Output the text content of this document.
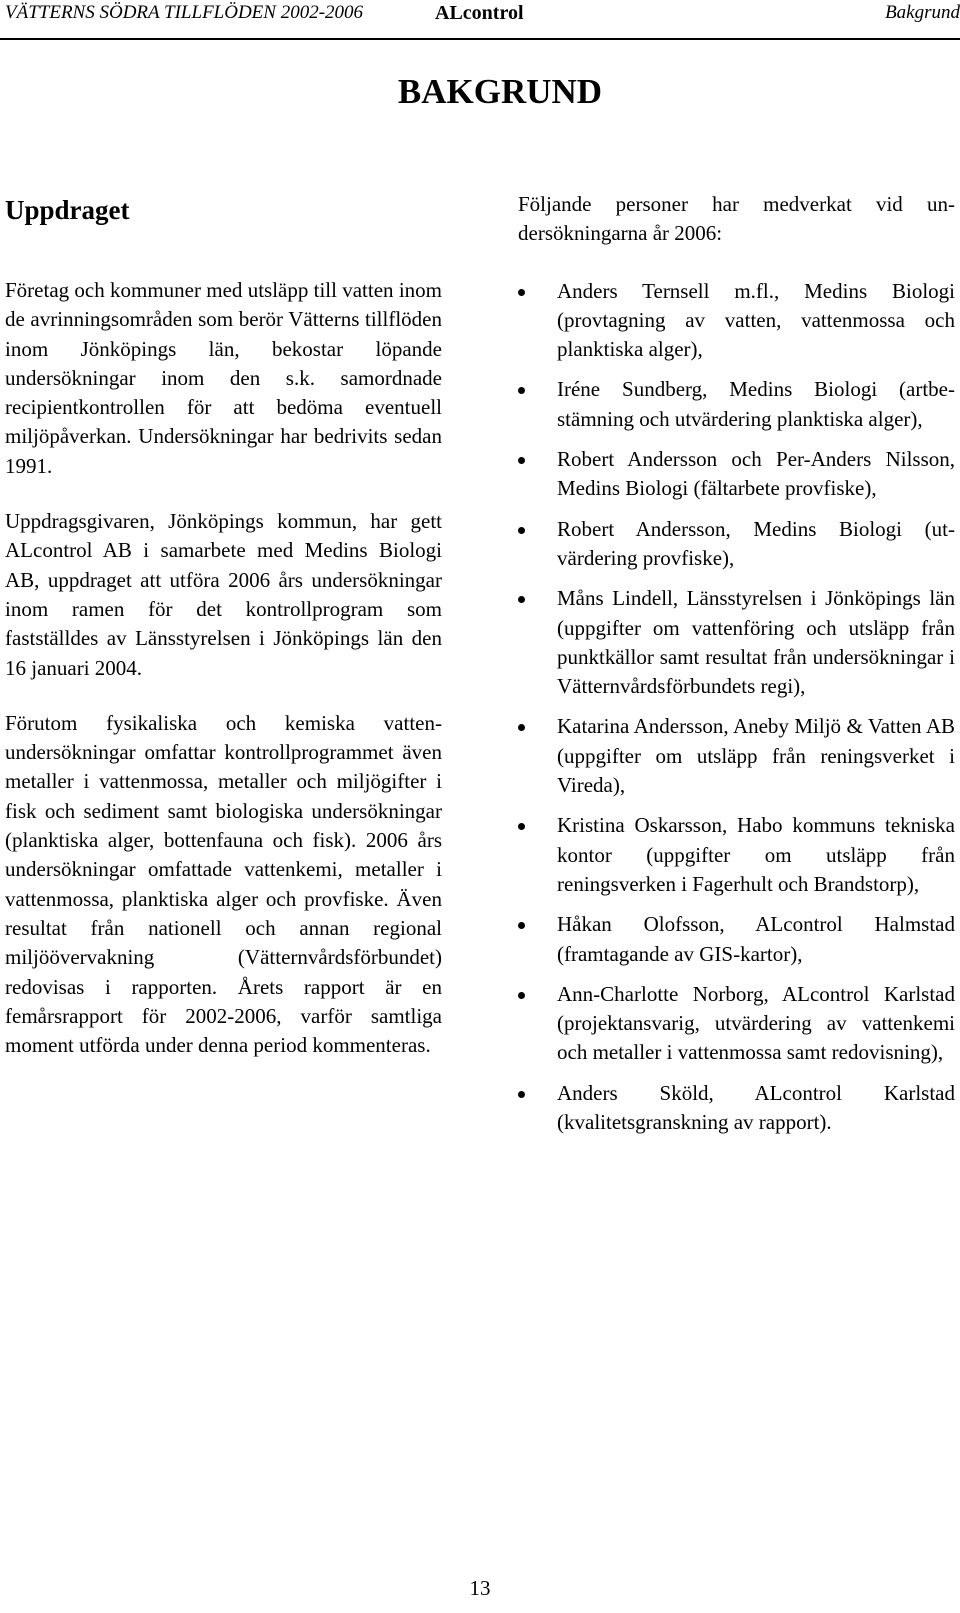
VÄTTERNS SÖDRA TILLFLÖDEN 2002-2006	ALcontrol	Bakgrund
BAKGRUND
Uppdraget

Företag och kommuner med utsläpp till vatten inom de avrinningsområden som berör Vätterns tillflöden inom Jönköpings län, bekostar löpande undersökningar inom den s.k. samordnade recipientkontrollen för att bedöma eventuell miljöpåverkan. Undersökningar har bedrivits sedan 1991.

Uppdragsgivaren, Jönköpings kommun, har gett ALcontrol AB i samarbete med Medins Biologi AB, uppdraget att utföra 2006 års undersökningar inom ramen för det kontrollprogram som fastställdes av Länsstyrelsen i Jönköpings län den 16 januari 2004.

Förutom fysikaliska och kemiska vattenundersökningar omfattar kontrollprogrammet även metaller i vattenmossa, metaller och miljögifter i fisk och sediment samt biologiska undersökningar (planktiska alger, bottenfauna och fisk). 2006 års undersökningar omfattade vattenkemi, metaller i vattenmossa, planktiska alger och provfiske. Även resultat från nationell och annan regional miljöövervakning (Vätternvårdsförbundet) redovisas i rapporten. Årets rapport är en femårsrapport för 2002-2006, varför samtliga moment utförda under denna period kommenteras.

Följande personer har medverkat vid undersökningarna år 2006:
Anders Ternsell m.fl., Medins Biologi (provtagning av vatten, vattenmossa och planktiska alger),
Iréne Sundberg, Medins Biologi (artbestämning och utvärdering planktiska alger),
Robert Andersson och Per-Anders Nilsson, Medins Biologi (fältarbete provfiske),
Robert Andersson, Medins Biologi (utvärdering provfiske),
Måns Lindell, Länsstyrelsen i Jönköpings län (uppgifter om vattenföring och utsläpp från punktkällor samt resultat från undersökningar i Vätternvårdsförbundets regi),
Katarina Andersson, Aneby Miljö & Vatten AB (uppgifter om utsläpp från reningsverket i Vireda),
Kristina Oskarsson, Habo kommuns tekniska kontor (uppgifter om utsläpp från reningsverken i Fagerhult och Brandstorp),
Håkan Olofsson, ALcontrol Halmstad (framtagande av GIS-kartor),
Ann-Charlotte Norborg, ALcontrol Karlstad (projektansvarig, utvärdering av vattenkemi och metaller i vattenmossa samt redovisning),
Anders Sköld, ALcontrol Karlstad (kvalitetsgranskning av rapport).
13
